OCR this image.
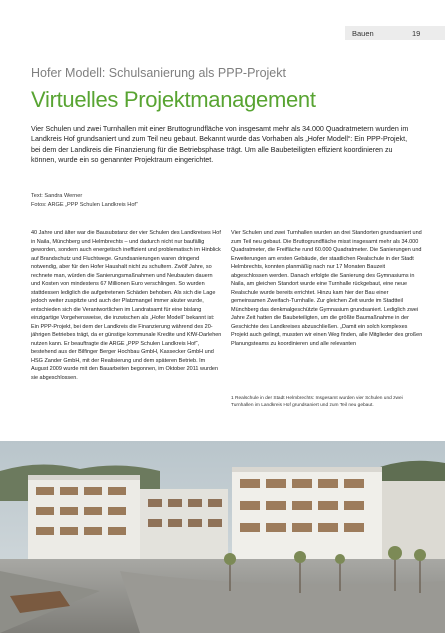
Bauen	19
Hofer Modell: Schulsanierung als PPP-Projekt
Virtuelles Projektmanagement
Vier Schulen und zwei Turnhallen mit einer Bruttogrundfläche von insgesamt mehr als 34.000 Quadratmetern wurden im Landkreis Hof grundsaniert und zum Teil neu gebaut. Bekannt wurde das Vorhaben als „Hofer Modell“: Ein PPP-Projekt, bei dem der Landkreis die Finanzierung für die Betriebsphase trägt. Um alle Baubeteiligten effizient koordinieren zu können, wurde ein so genannter Projektraum eingerichtet.
Text: Sandra Werner
Fotos: ARGE „PPP Schulen Landkreis Hof“

40 Jahre und älter war die Bausubstanz der vier Schulen des Landkreises Hof in Naila, Münchberg und Helmbrechts – und dadurch nicht nur baufällig geworden, sondern auch energetisch ineffizient und problematisch im Hinblick auf Brandschutz und Fluchtwege. Grundsanierungen waren dringend notwendig, aber für den Hofer Haushalt nicht zu schultern. Zwölf Jahre, so rechnete man, würden die Sanierungsmaßnahmen und Neubauten dauern und Kosten von mindestens 67 Millionen Euro verschlingen. So wurden stattdessen lediglich die aufgetretenen Schäden behoben. Als sich die Lage jedoch weiter zuspitzte und auch der Platzmangel immer akuter wurde, entschieden sich die Verantwortlichen im Landratsamt für eine bislang einzigartige Vorgehensweise, die inzwischen als „Hofer Modell“ bekannt ist: Ein PPP-Projekt, bei dem der Landkreis die Finanzierung während des 20-jährigen Betriebes trägt, da er günstige kommunale Kredite und KfW-Darlehen nutzen kann. Er beauftragte die ARGE „PPP Schulen Landkreis Hof“, bestehend aus der Bilfinger Berger Hochbau GmbH, Kassecker GmbH und HSG Zander GmbH, mit der Realisierung und dem späteren Betrieb. Im August 2009 wurde mit den Bauarbeiten begonnen, im Oktober 2011 wurden sie abgeschlossen.

Vier Schulen und zwei Turnhallen wurden an drei Standorten grundsaniert und zum Teil neu gebaut. Die Bruttogrundfläche misst insgesamt mehr als 34.000 Quadratmeter, die Freifläche rund 60.000 Quadratmeter. Die Sanierungen und Erweiterungen am ersten Gebäude, der staatlichen Realschule in der Stadt Helmbrechts, konnten planmäßig nach nur 17 Monaten Bauzeit abgeschlossen werden. Danach erfolgte die Sanierung des Gymnasiums in Naila, am gleichen Standort wurde eine Turnhalle rückgebaut, eine neue Realschule wurde bereits errichtet. Hinzu kam hier der Bau einer gemeinsamen Zweifach-Turnhalle. Zur gleichen Zeit wurde im Stadtteil Münchberg das denkmalgeschützte Gymnasium grundsaniert. Lediglich zwei Jahre Zeit hatten die Baubeteiligten, um die größte Baumaßnahme in der Geschichte des Landkreises abzuschließen. „Damit ein solch komplexes Projekt auch gelingt, mussten wir einen Weg finden, alle Mitglieder des großen Planungsteams zu koordinieren und alle relevanten

1 Realschule in der Stadt Helmbrechts: Insgesamt wurden vier Schulen und zwei Turnhallen im Landkreis Hof grundsaniert und zum Teil neu gebaut.
